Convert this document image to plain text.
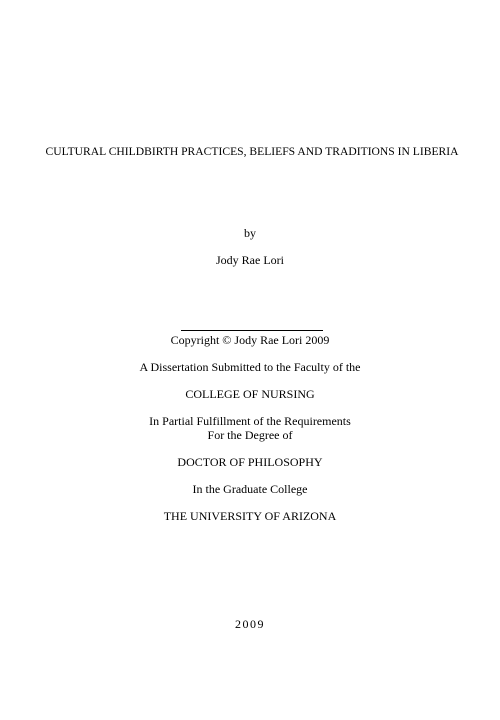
CULTURAL CHILDBIRTH PRACTICES, BELIEFS AND TRADITIONS IN LIBERIA
by
Jody Rae Lori
Copyright © Jody Rae Lori 2009
A Dissertation Submitted to the Faculty of the
COLLEGE OF NURSING
In Partial Fulfillment of the Requirements
For the Degree of
DOCTOR OF PHILOSOPHY
In the Graduate College
THE UNIVERSITY OF ARIZONA
2009
